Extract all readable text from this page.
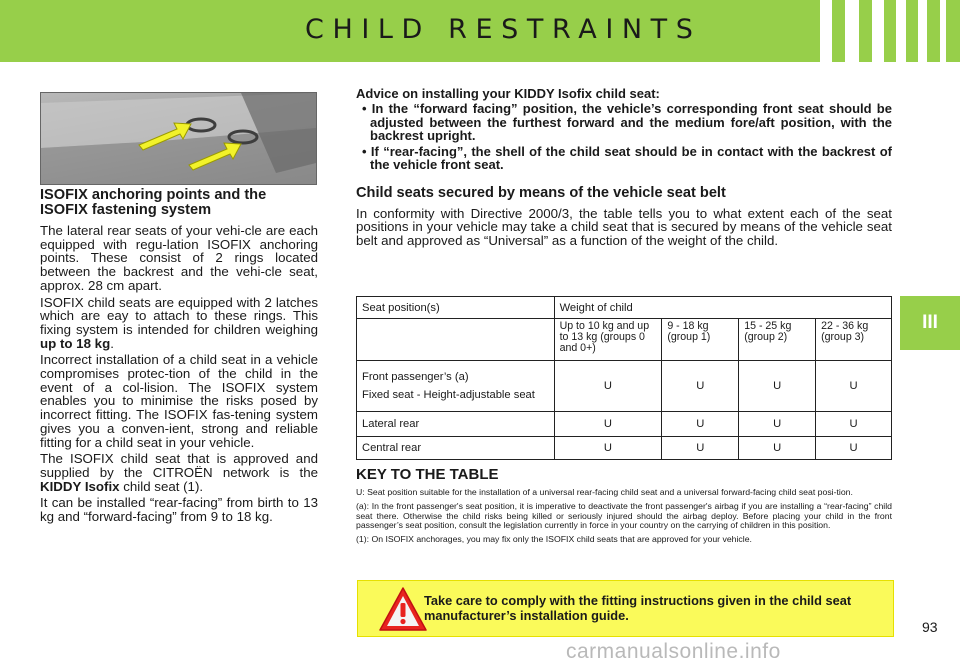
CHILD RESTRAINTS
III
ISOFIX anchoring points and the ISOFIX fastening system

The lateral rear seats of your vehi-cle are each equipped with regu-lation ISOFIX anchoring points. These consist of 2 rings located between the backrest and the vehi-cle seat, approx. 28 cm apart.

ISOFIX child seats are equipped with 2 latches which are eay to attach to these rings. This fixing system is intended for children weighing up to 18 kg.

Incorrect installation of a child seat in a vehicle compromises protec-tion of the child in the event of a col-lision. The ISOFIX system enables you to minimise the risks posed by incorrect fitting. The ISOFIX fas-tening system gives you a conven-ient, strong and reliable fitting for a child seat in your vehicle.

The ISOFIX child seat that is approved and supplied by the CITROËN network is the KIDDY Isofix child seat (1).

It can be installed “rear-facing” from birth to 13 kg and “forward-facing” from 9 to 18 kg.

Advice on installing your KIDDY Isofix child seat:

• In the “forward facing” position, the vehicle’s corresponding front seat should be adjusted between the furthest forward and the medium fore/aft position, with the backrest upright.

• If “rear-facing”, the shell of the child seat should be in contact with the backrest of the vehicle front seat.

Child seats secured by means of the vehicle seat belt

In conformity with Directive 2000/3, the table tells you to what extent each of the seat positions in your vehicle may take a child seat that is secured by means of the vehicle seat belt and approved as “Universal” as a function of the weight of the child.

Seat position(s)	Weight of child			
	Up to 10 kg and up to 13 kg (groups 0 and 0+)	9 - 18 kg (group 1)	15 - 25 kg (group 2)	22 - 36 kg (group 3)

Front passenger’s (a)
Fixed seat - Height-adjustable seat	U	U	U	U
Lateral rear	U	U	U	U
Central rear	U	U	U	U
KEY TO THE TABLE

U: Seat position suitable for the installation of a universal rear-facing child seat and a universal forward-facing child seat posi-tion.

(a): In the front passenger's seat position, it is imperative to deactivate the front passenger's airbag if you are installing a “rear-facing” child seat there. Otherwise the child risks being killed or seriously injured should the airbag deploy. Before placing your child in the front passenger’s seat position, consult the legislation currently in force in your country on the carrying of children in this position.

(1): On ISOFIX anchorages, you may fix only the ISOFIX child seats that are approved for your vehicle.

Take care to comply with the fitting instructions given in the child seat manufacturer’s installation guide.
93
carmanualsonline.info
